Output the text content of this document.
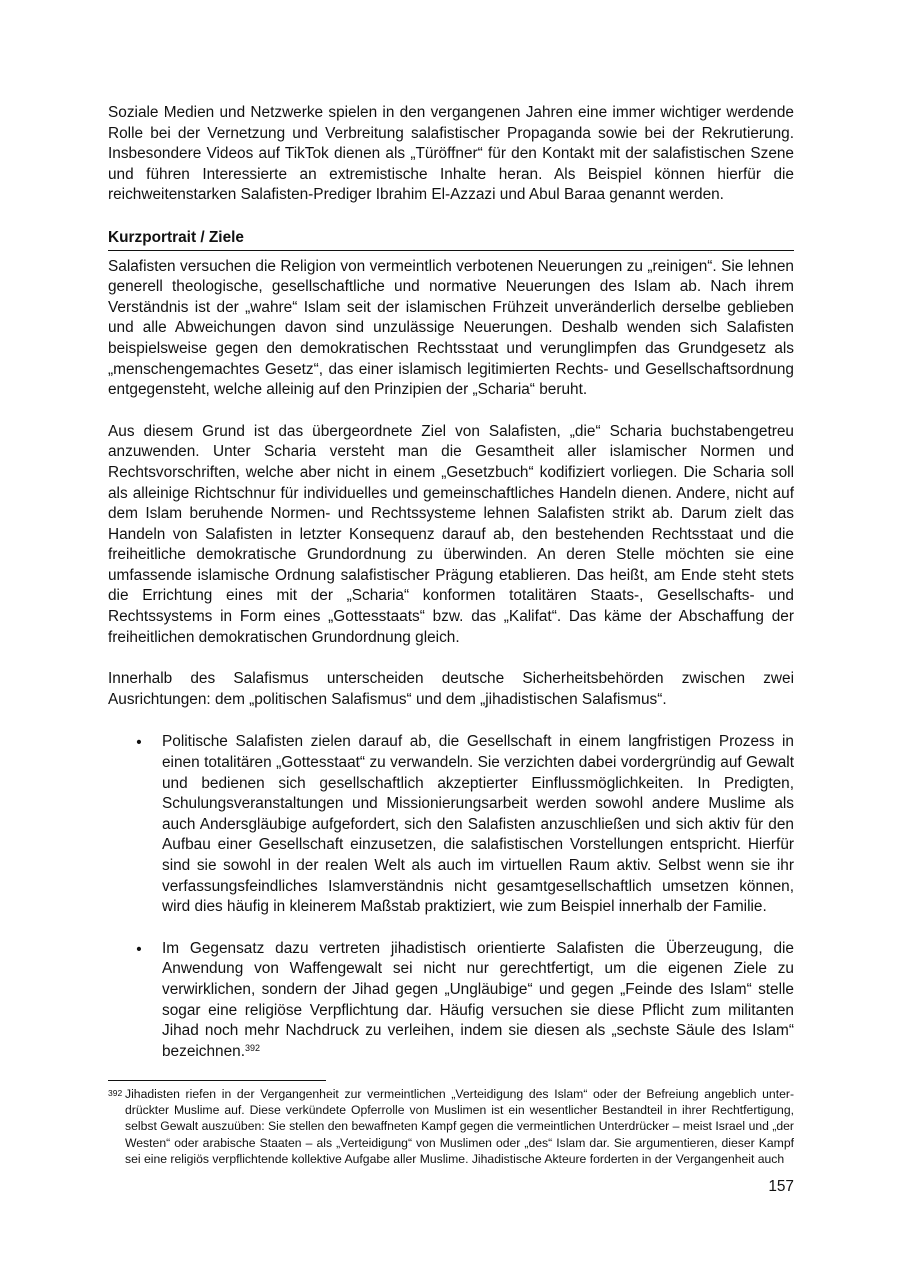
Soziale Medien und Netzwerke spielen in den vergangenen Jahren eine immer wichtiger werdende Rolle bei der Vernetzung und Verbreitung salafistischer Propaganda sowie bei der Rekrutierung. Insbesondere Videos auf TikTok dienen als „Türöffner“ für den Kontakt mit der salafistischen Szene und führen Interessierte an extremistische Inhalte heran. Als Beispiel können hierfür die reichweitenstarken Salafisten-Prediger Ibrahim El-Azzazi und Abul Baraa genannt werden.

Kurzportrait / Ziele

Salafisten versuchen die Religion von vermeintlich verbotenen Neuerungen zu „reinigen“. Sie lehnen generell theologische, gesellschaftliche und normative Neuerungen des Islam ab. Nach ihrem Verständnis ist der „wahre“ Islam seit der islamischen Frühzeit unveränderlich derselbe geblieben und alle Abweichungen davon sind unzulässige Neuerungen. Deshalb wenden sich Salafisten beispielsweise gegen den demokratischen Rechtsstaat und verunglimpfen das Grundgesetz als „menschengemachtes Gesetz“, das einer islamisch legitimierten Rechts- und Gesellschaftsordnung entgegensteht, welche alleinig auf den Prinzipien der „Scharia“ beruht.

Aus diesem Grund ist das übergeordnete Ziel von Salafisten, „die“ Scharia buchstabengetreu anzuwenden. Unter Scharia versteht man die Gesamtheit aller islamischer Normen und Rechtsvorschriften, welche aber nicht in einem „Gesetzbuch“ kodifiziert vorliegen. Die Scharia soll als alleinige Richtschnur für individuelles und gemeinschaftliches Handeln dienen. Andere, nicht auf dem Islam beruhende Normen- und Rechtssysteme lehnen Salafisten strikt ab. Darum zielt das Handeln von Salafisten in letzter Konsequenz darauf ab, den bestehenden Rechtsstaat und die freiheitliche demokratische Grundordnung zu überwinden. An deren Stelle möchten sie eine umfassende islamische Ordnung salafistischer Prägung etablieren. Das heißt, am Ende steht stets die Errichtung eines mit der „Scharia“ konformen totalitären Staats-, Gesellschafts- und Rechtssystems in Form eines „Gottesstaats“ bzw. das „Kalifat“. Das käme der Abschaffung der freiheitlichen demokratischen Grundordnung gleich.

Innerhalb des Salafismus unterscheiden deutsche Sicherheitsbehörden zwischen zwei Ausrichtungen: dem „politischen Salafismus“ und dem „jihadistischen Salafismus“.

• Politische Salafisten zielen darauf ab, die Gesellschaft in einem langfristigen Prozess in einen totalitären „Gottesstaat“ zu verwandeln. Sie verzichten dabei vordergründig auf Gewalt und bedienen sich gesellschaftlich akzeptierter Einflussmöglichkeiten. In Predigten, Schulungsveranstaltungen und Missionierungsarbeit werden sowohl andere Muslime als auch Andersgläubige aufgefordert, sich den Salafisten anzuschließen und sich aktiv für den Aufbau einer Gesellschaft einzusetzen, die salafistischen Vorstellungen entspricht. Hierfür sind sie sowohl in der realen Welt als auch im virtuellen Raum aktiv. Selbst wenn sie ihr verfassungsfeindliches Islamverständnis nicht gesamtgesellschaftlich umsetzen können, wird dies häufig in kleinerem Maßstab praktiziert, wie zum Beispiel innerhalb der Familie.
• Im Gegensatz dazu vertreten jihadistisch orientierte Salafisten die Überzeugung, die Anwendung von Waffengewalt sei nicht nur gerechtfertigt, um die eigenen Ziele zu verwirklichen, sondern der Jihad gegen „Ungläubige“ und gegen „Feinde des Islam“ stelle sogar eine religiöse Verpflichtung dar. Häufig versuchen sie diese Pflicht zum militanten Jihad noch mehr Nachdruck zu verleihen, indem sie diesen als „sechste Säule des Islam“ bezeichnen.$^{392}$
392 Jihadisten riefen in der Vergangenheit zur vermeintlichen „Verteidigung des Islam“ oder der Befreiung angeblich unterdrückter Muslime auf. Diese verkündete Opferrolle von Muslimen ist ein wesentlicher Bestandteil in ihrer Rechtfertigung, selbst Gewalt auszuüben: Sie stellen den bewaffneten Kampf gegen die vermeintlichen Unterdrücker – meist Israel und „der Westen“ oder arabische Staaten – als „Verteidigung“ von Muslimen oder „des“ Islam dar. Sie argumentieren, dieser Kampf sei eine religiös verpflichtende kollektive Aufgabe aller Muslime. Jihadistische Akteure forderten in der Vergangenheit auch
157
